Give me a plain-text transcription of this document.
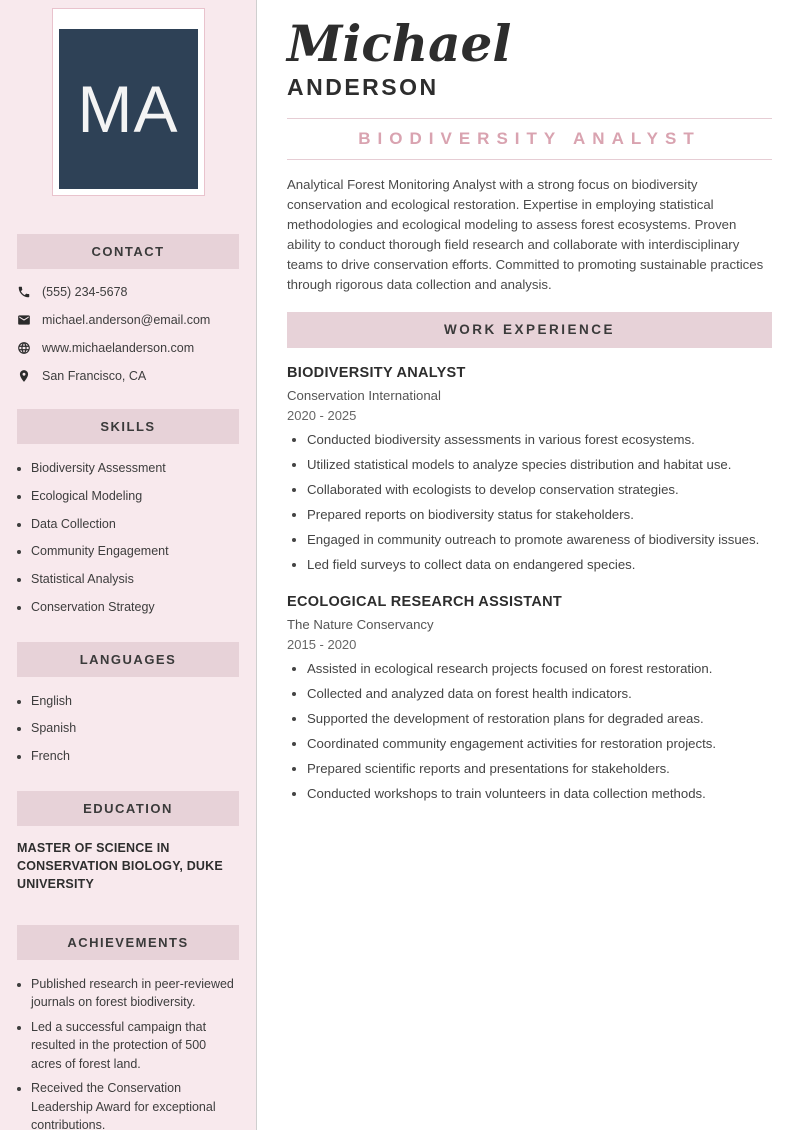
MA
CONTACT
(555) 234-5678
michael.anderson@email.com
www.michaelanderson.com
San Francisco, CA
SKILLS
• Biodiversity Assessment
• Ecological Modeling
• Data Collection
• Community Engagement
• Statistical Analysis
• Conservation Strategy
LANGUAGES
• English
• Spanish
• French
EDUCATION

MASTER OF SCIENCE IN CONSERVATION BIOLOGY, DUKE UNIVERSITY

ACHIEVEMENTS
• Published research in peer-reviewed journals on forest biodiversity.
• Led a successful campaign that resulted in the protection of 500 acres of forest land.
• Received the Conservation Leadership Award for exceptional contributions.
Michael
ANDERSON
BIODIVERSITY ANALYST

Analytical Forest Monitoring Analyst with a strong focus on biodiversity conservation and ecological restoration. Expertise in employing statistical methodologies and ecological modeling to assess forest ecosystems. Proven ability to conduct thorough field research and collaborate with interdisciplinary teams to drive conservation efforts. Committed to promoting sustainable practices through rigorous data collection and analysis.

WORK EXPERIENCE
BIODIVERSITY ANALYST
Conservation International
2020 - 2025
• Conducted biodiversity assessments in various forest ecosystems.
• Utilized statistical models to analyze species distribution and habitat use.
• Collaborated with ecologists to develop conservation strategies.
• Prepared reports on biodiversity status for stakeholders.
• Engaged in community outreach to promote awareness of biodiversity issues.
• Led field surveys to collect data on endangered species.
ECOLOGICAL RESEARCH ASSISTANT
The Nature Conservancy
2015 - 2020
• Assisted in ecological research projects focused on forest restoration.
• Collected and analyzed data on forest health indicators.
• Supported the development of restoration plans for degraded areas.
• Coordinated community engagement activities for restoration projects.
• Prepared scientific reports and presentations for stakeholders.
• Conducted workshops to train volunteers in data collection methods.
